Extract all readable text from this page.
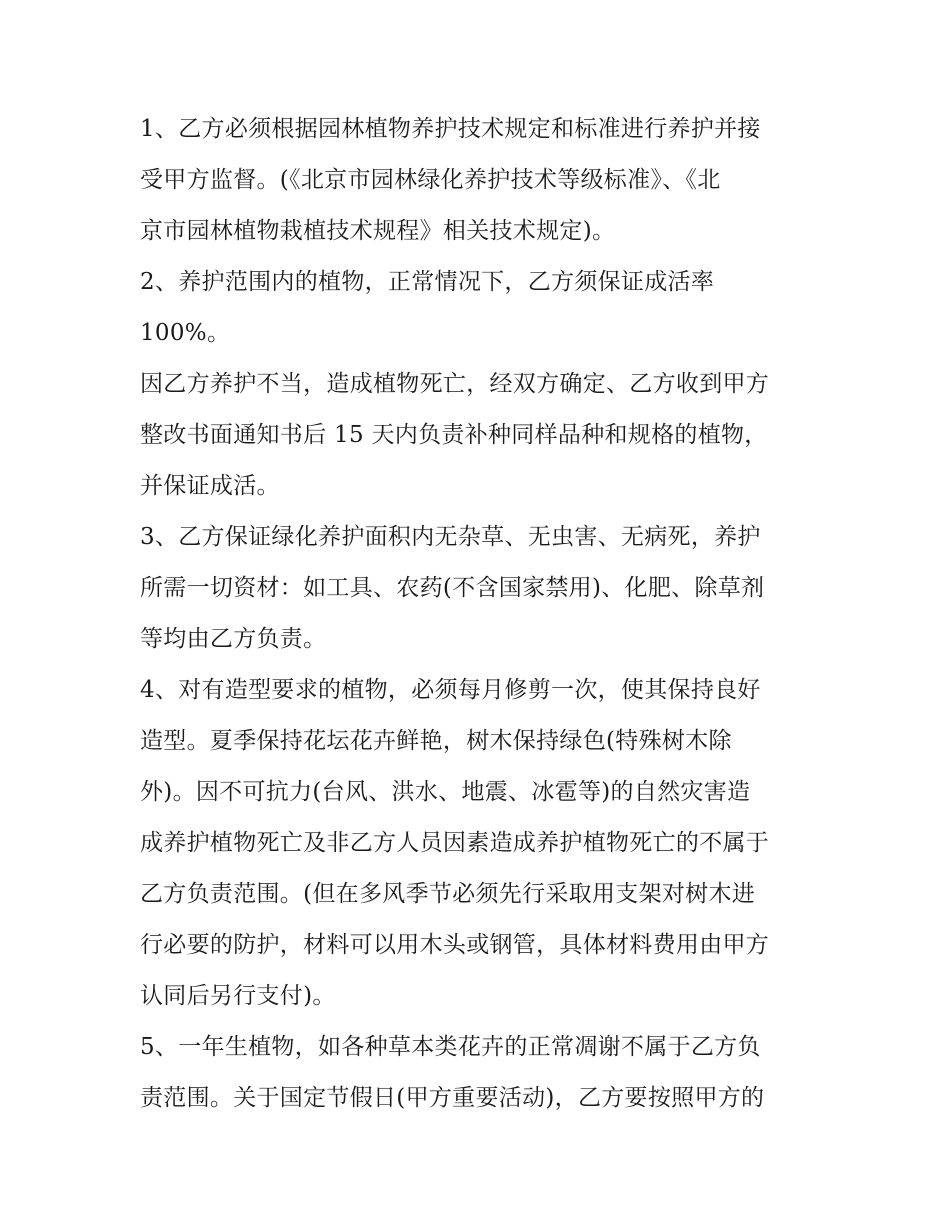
1、乙方必须根据园林植物养护技术规定和标准进行养护并接
受甲方监督。(《北京市园林绿化养护技术等级标准》、《北
京市园林植物栽植技术规程》相关技术规定)。
2、养护范围内的植物，正常情况下，乙方须保证成活率
100%。
因乙方养护不当，造成植物死亡，经双方确定、乙方收到甲方
整改书面通知书后 15 天内负责补种同样品种和规格的植物，
并保证成活。
3、乙方保证绿化养护面积内无杂草、无虫害、无病死，养护
所需一切资材：如工具、农药(不含国家禁用)、化肥、除草剂
等均由乙方负责。
4、对有造型要求的植物，必须每月修剪一次，使其保持良好
造型。夏季保持花坛花卉鲜艳，树木保持绿色(特殊树木除
外)。因不可抗力(台风、洪水、地震、冰雹等)的自然灾害造
成养护植物死亡及非乙方人员因素造成养护植物死亡的不属于
乙方负责范围。(但在多风季节必须先行采取用支架对树木进
行必要的防护，材料可以用木头或钢管，具体材料费用由甲方
认同后另行支付)。
5、一年生植物，如各种草本类花卉的正常凋谢不属于乙方负
责范围。关于国定节假日(甲方重要活动)，乙方要按照甲方的
